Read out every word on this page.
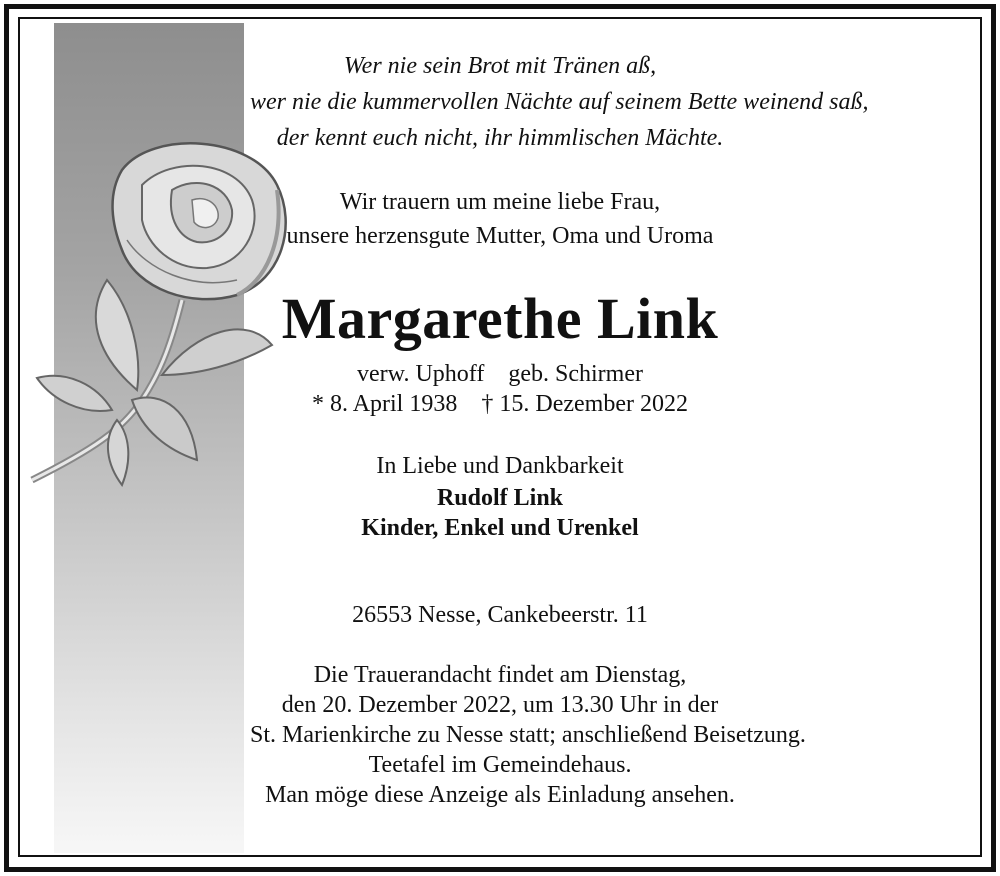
Wer nie sein Brot mit Tränen aß,
wer nie die kummervollen Nächte auf seinem Bette weinend saß,
der kennt euch nicht, ihr himmlischen Mächte.
Wir trauern um meine liebe Frau,
unsere herzensgute Mutter, Oma und Uroma
Margarethe Link
verw. Uphoff geb. Schirmer
* 8. April 1938 † 15. Dezember 2022
In Liebe und Dankbarkeit
Rudolf Link
Kinder, Enkel und Urenkel
26553 Nesse, Cankebeerstr. 11
Die Trauerandacht findet am Dienstag,
den 20. Dezember 2022, um 13.30 Uhr in der
St. Marienkirche zu Nesse statt; anschließend Beisetzung.
Teetafel im Gemeindehaus.
Man möge diese Anzeige als Einladung ansehen.
